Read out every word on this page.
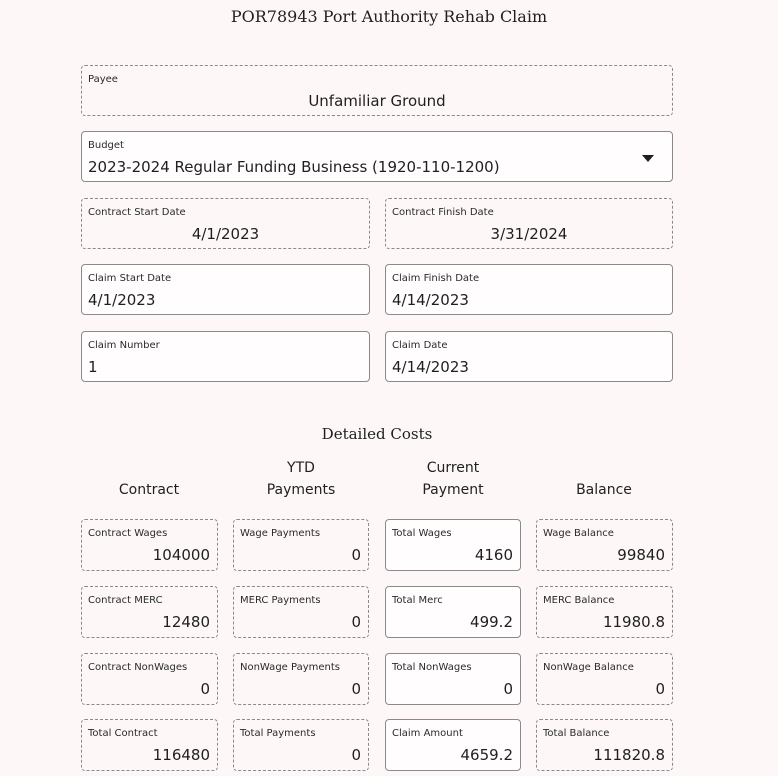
POR78943 Port Authority Rehab Claim
Payee
Unfamiliar Ground
Budget
2023-2024 Regular Funding Business (1920-110-1200)
Contract Start Date
4/1/2023
Contract Finish Date
3/31/2024
Claim Start Date
4/1/2023
Claim Finish Date
4/14/2023
Claim Number
1
Claim Date
4/14/2023
Detailed Costs
Contract
YTD
Payments
Current
Payment	Balance
Contract Wages
104000
Wage Payments
0
Total Wages
4160
Wage Balance
99840
Contract MERC
12480
MERC Payments
0
Total Merc
499.2
MERC Balance
11980.8
Contract NonWages
0
NonWage Payments
0
Total NonWages
0
NonWage Balance
0
Total Contract
116480
Total Payments
0
Claim Amount
4659.2
Total Balance
111820.8
